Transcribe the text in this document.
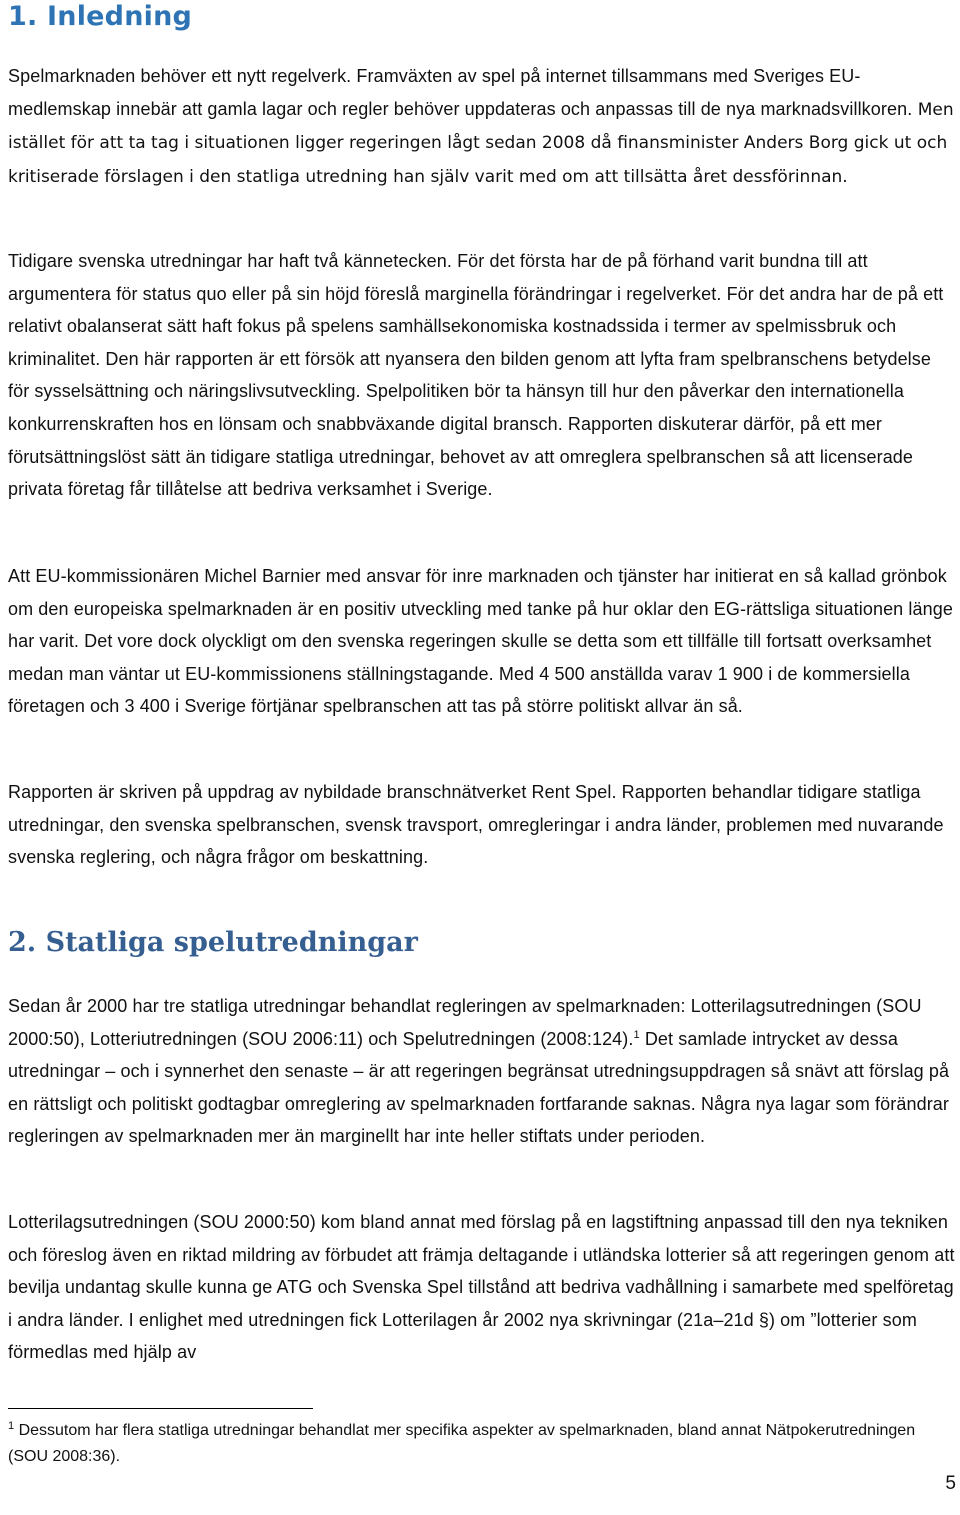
1. Inledning

Spelmarknaden behöver ett nytt regelverk. Framväxten av spel på internet tillsammans med Sveriges EU-medlemskap innebär att gamla lagar och regler behöver uppdateras och anpassas till de nya marknadsvillkoren. Men istället för att ta tag i situationen ligger regeringen lågt sedan 2008 då finansminister Anders Borg gick ut och kritiserade förslagen i den statliga utredning han själv varit med om att tillsätta året dessförinnan.

Tidigare svenska utredningar har haft två kännetecken. För det första har de på förhand varit bundna till att argumentera för status quo eller på sin höjd föreslå marginella förändringar i regelverket. För det andra har de på ett relativt obalanserat sätt haft fokus på spelens samhällsekonomiska kostnadssida i termer av spelmissbruk och kriminalitet. Den här rapporten är ett försök att nyansera den bilden genom att lyfta fram spelbranschens betydelse för sysselsättning och näringslivsutveckling. Spelpolitiken bör ta hänsyn till hur den påverkar den internationella konkurrenskraften hos en lönsam och snabbväxande digital bransch. Rapporten diskuterar därför, på ett mer förutsättningslöst sätt än tidigare statliga utredningar, behovet av att omreglera spelbranschen så att licenserade privata företag får tillåtelse att bedriva verksamhet i Sverige.

Att EU-kommissionären Michel Barnier med ansvar för inre marknaden och tjänster har initierat en så kallad grönbok om den europeiska spelmarknaden är en positiv utveckling med tanke på hur oklar den EG-rättsliga situationen länge har varit. Det vore dock olyckligt om den svenska regeringen skulle se detta som ett tillfälle till fortsatt overksamhet medan man väntar ut EU-kommissionens ställningstagande. Med 4 500 anställda varav 1 900 i de kommersiella företagen och 3 400 i Sverige förtjänar spelbranschen att tas på större politiskt allvar än så.

Rapporten är skriven på uppdrag av nybildade branschnätverket Rent Spel. Rapporten behandlar tidigare statliga utredningar, den svenska spelbranschen, svensk travsport, omregleringar i andra länder, problemen med nuvarande svenska reglering, och några frågor om beskattning.

2. Statliga spelutredningar

Sedan år 2000 har tre statliga utredningar behandlat regleringen av spelmarknaden: Lotterilagsutredningen (SOU 2000:50), Lotteriutredningen (SOU 2006:11) och Spelutredningen (2008:124).$^1$ Det samlade intrycket av dessa utredningar – och i synnerhet den senaste – är att regeringen begränsat utredningsuppdragen så snävt att förslag på en rättsligt och politiskt godtagbar omreglering av spelmarknaden fortfarande saknas. Några nya lagar som förändrar regleringen av spelmarknaden mer än marginellt har inte heller stiftats under perioden.

Lotterilagsutredningen (SOU 2000:50) kom bland annat med förslag på en lagstiftning anpassad till den nya tekniken och föreslog även en riktad mildring av förbudet att främja deltagande i utländska lotterier så att regeringen genom att bevilja undantag skulle kunna ge ATG och Svenska Spel tillstånd att bedriva vadhållning i samarbete med spelföretag i andra länder. I enlighet med utredningen fick Lotterilagen år 2002 nya skrivningar (21a–21d §) om ”lotterier som förmedlas med hjälp av

$^1$ Dessutom har flera statliga utredningar behandlat mer specifika aspekter av spelmarknaden, bland annat Nätpokerutredningen (SOU 2008:36).

5
